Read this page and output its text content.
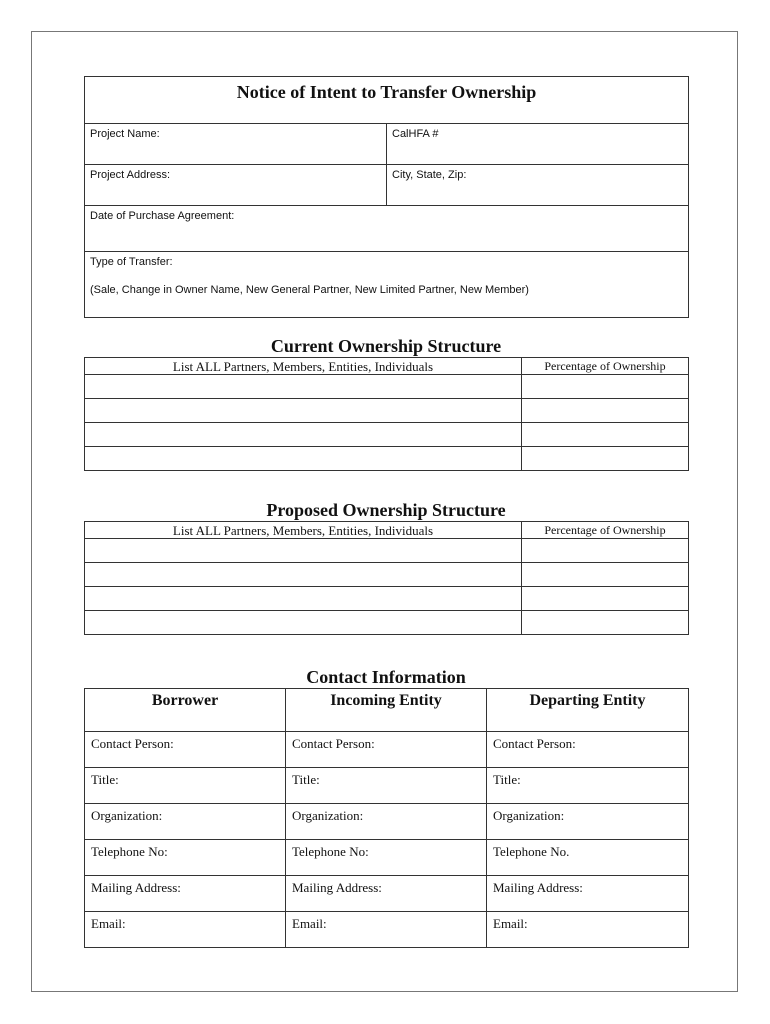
Notice of Intent to Transfer Ownership	
Project Name:	CalHFA #
Project Address:	City, State, Zip:
Date of Purchase Agreement:	
Type of Transfer:
(Sale, Change in Owner Name, New General Partner, New Limited Partner, New Member)	
Current Ownership Structure
List ALL Partners, Members, Entities, Individuals	Percentage of Ownership

Proposed Ownership Structure
List ALL Partners, Members, Entities, Individuals	Percentage of Ownership

Contact Information
Borrower	Incoming Entity	Departing Entity
Contact Person:	Contact Person:	Contact Person:
Title:	Title:	Title:
Organization:	Organization:	Organization:
Telephone No:	Telephone No:	Telephone No.
Mailing Address:	Mailing Address:	Mailing Address:
Email:	Email:	Email:
